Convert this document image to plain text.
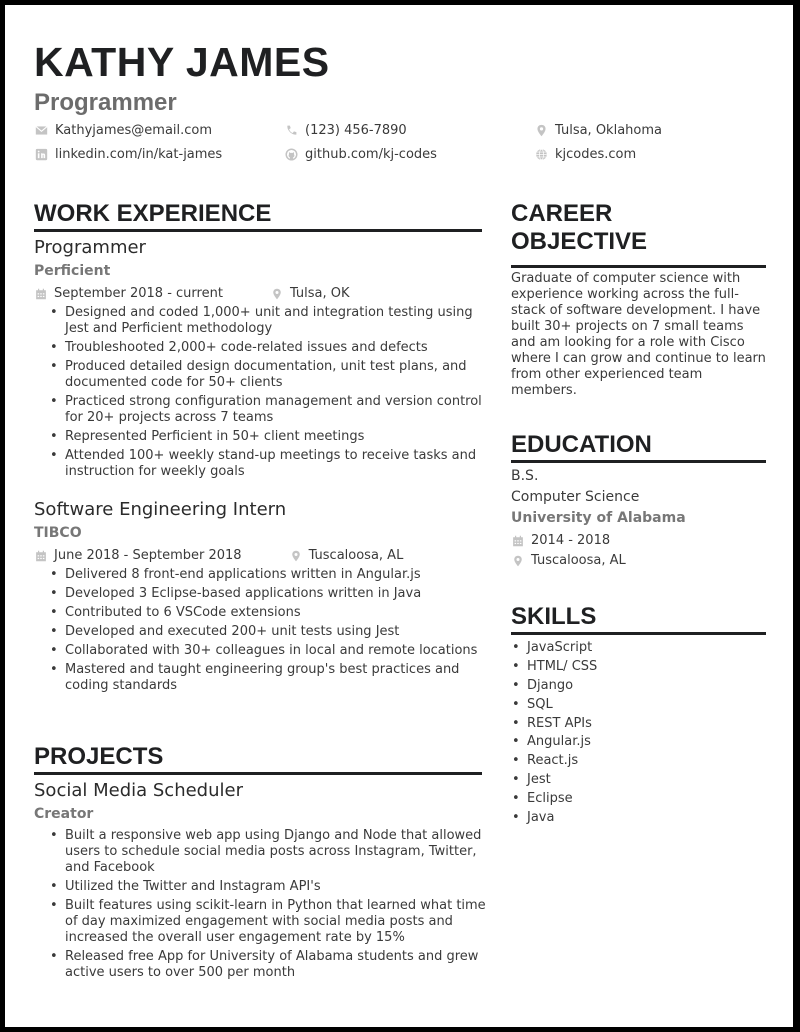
KATHY JAMES
Programmer
Kathyjames@email.com	(123) 456-7890	Tulsa, Oklahoma
linkedin.com/in/kat-james	github.com/kj-codes	kjcodes.com
WORK EXPERIENCE
Programmer
Perficient
September 2018 - current	Tulsa, OK
• Designed and coded 1,000+ unit and integration testing using Jest and Perficient methodology
• Troubleshooted 2,000+ code-related issues and defects
• Produced detailed design documentation, unit test plans, and documented code for 50+ clients
• Practiced strong configuration management and version control for 20+ projects across 7 teams
• Represented Perficient in 50+ client meetings
• Attended 100+ weekly stand-up meetings to receive tasks and instruction for weekly goals
Software Engineering Intern
TIBCO
June 2018 - September 2018	Tuscaloosa, AL
• Delivered 8 front-end applications written in Angular.js
• Developed 3 Eclipse-based applications written in Java
• Contributed to 6 VSCode extensions
• Developed and executed 200+ unit tests using Jest
• Collaborated with 30+ colleagues in local and remote locations
• Mastered and taught engineering group's best practices and coding standards
PROJECTS
Social Media Scheduler
Creator
• Built a responsive web app using Django and Node that allowed users to schedule social media posts across Instagram, Twitter, and Facebook
• Utilized the Twitter and Instagram API's
• Built features using scikit-learn in Python that learned what time of day maximized engagement with social media posts and increased the overall user engagement rate by 15%
• Released free App for University of Alabama students and grew active users to over 500 per month
CAREER
OBJECTIVE
Graduate of computer science with experience working across the full-stack of software development. I have built 30+ projects on 7 small teams and am looking for a role with Cisco where I can grow and continue to learn from other experienced team members.
EDUCATION
B.S.
Computer Science
University of Alabama
2014 - 2018
Tuscaloosa, AL
SKILLS
• JavaScript
• HTML/ CSS
• Django
• SQL
• REST APIs
• Angular.js
• React.js
• Jest
• Eclipse
• Java
